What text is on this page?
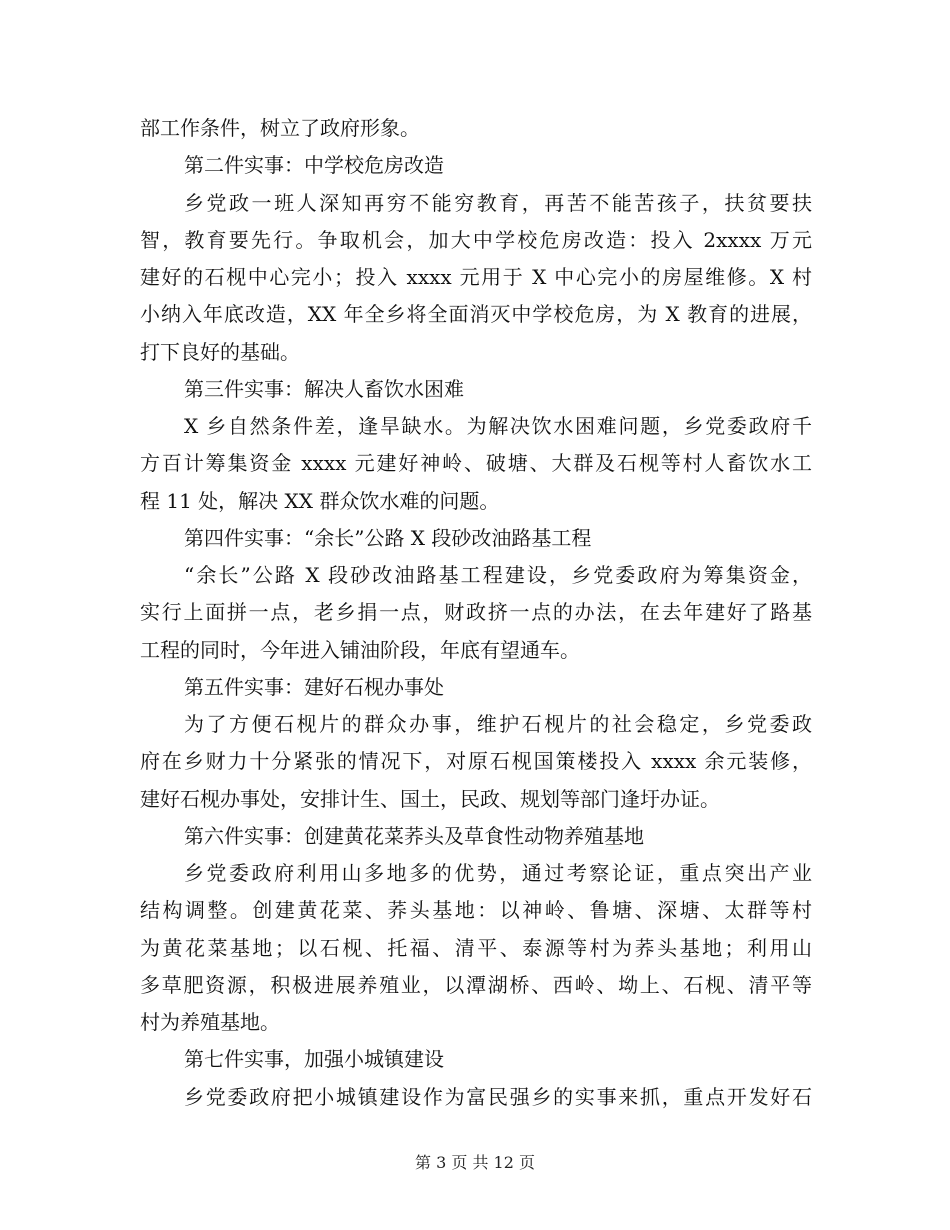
部工作条件，树立了政府形象。
第二件实事：中学校危房改造
乡党政一班人深知再穷不能穷教育，再苦不能苦孩子，扶贫要扶
智，教育要先行。争取机会，加大中学校危房改造：投入 2xxxx 万元
建好的石枧中心完小；投入 xxxx 元用于 X 中心完小的房屋维修。X 村
小纳入年底改造，XX 年全乡将全面消灭中学校危房，为 X 教育的进展，
打下良好的基础。
第三件实事：解决人畜饮水困难
X 乡自然条件差，逢旱缺水。为解决饮水困难问题，乡党委政府千
方百计筹集资金 xxxx 元建好神岭、破塘、大群及石枧等村人畜饮水工
程 11 处，解决 XX 群众饮水难的问题。
第四件实事：“余长”公路 X 段砂改油路基工程
“余长”公路 X 段砂改油路基工程建设，乡党委政府为筹集资金，
实行上面拼一点，老乡捐一点，财政挤一点的办法，在去年建好了路基
工程的同时，今年进入铺油阶段，年底有望通车。
第五件实事：建好石枧办事处
为了方便石枧片的群众办事，维护石枧片的社会稳定，乡党委政
府在乡财力十分紧张的情况下，对原石枧国策楼投入 xxxx 余元装修，
建好石枧办事处，安排计生、国土，民政、规划等部门逢圩办证。
第六件实事：创建黄花菜荞头及草食性动物养殖基地
乡党委政府利用山多地多的优势，通过考察论证，重点突出产业
结构调整。创建黄花菜、荞头基地：以神岭、鲁塘、深塘、太群等村
为黄花菜基地；以石枧、托福、清平、泰源等村为荞头基地；利用山
多草肥资源，积极进展养殖业，以潭湖桥、西岭、坳上、石枧、清平等
村为养殖基地。
第七件实事，加强小城镇建设
乡党委政府把小城镇建设作为富民强乡的实事来抓，重点开发好石
第 3 页 共 12 页
